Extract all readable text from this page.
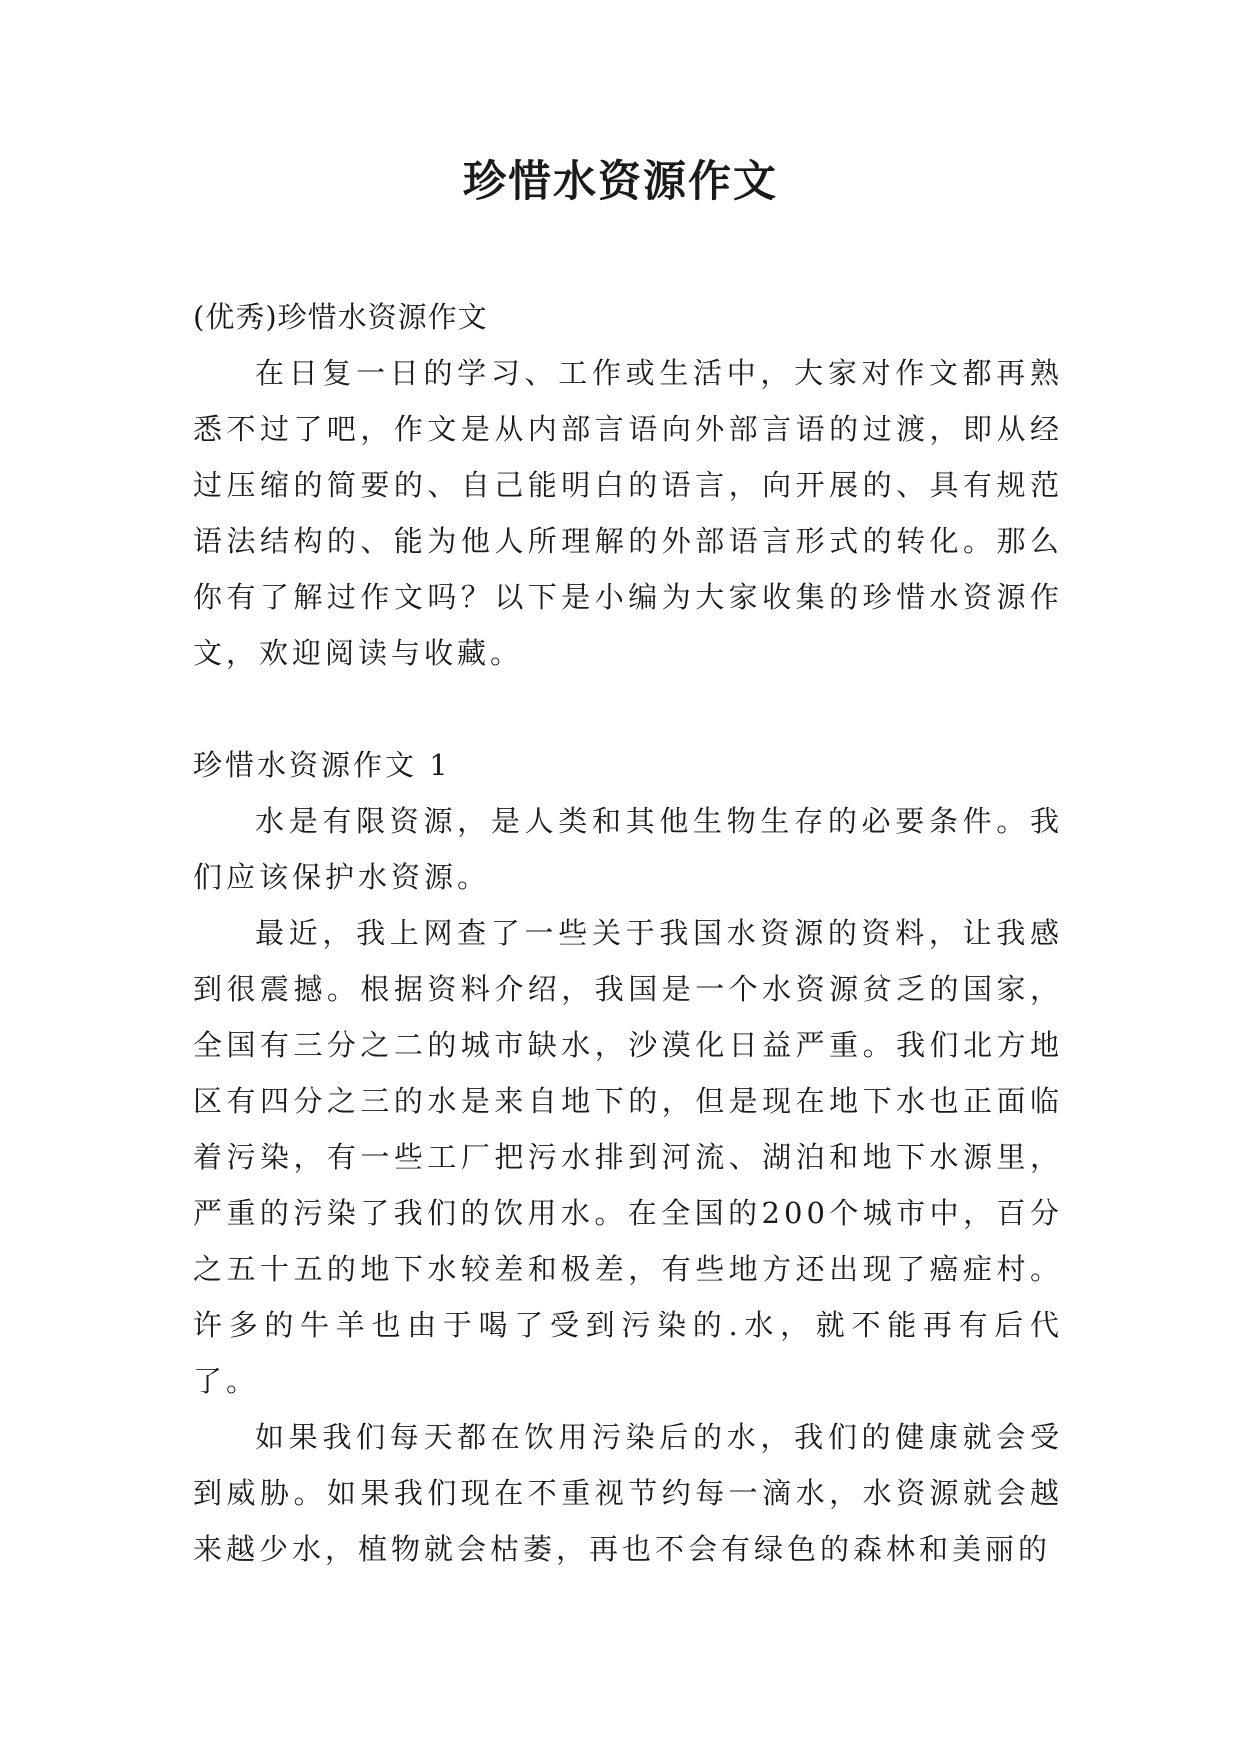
珍惜水资源作文

(优秀)珍惜水资源作文

在日复一日的学习、工作或生活中，大家对作文都再熟悉不过了吧，作文是从内部言语向外部言语的过渡，即从经过压缩的简要的、自己能明白的语言，向开展的、具有规范语法结构的、能为他人所理解的外部语言形式的转化。那么你有了解过作文吗？以下是小编为大家收集的珍惜水资源作文，欢迎阅读与收藏。

珍惜水资源作文 1

水是有限资源，是人类和其他生物生存的必要条件。我们应该保护水资源。

最近，我上网查了一些关于我国水资源的资料，让我感到很震撼。根据资料介绍，我国是一个水资源贫乏的国家，全国有三分之二的城市缺水，沙漠化日益严重。我们北方地区有四分之三的水是来自地下的，但是现在地下水也正面临着污染，有一些工厂把污水排到河流、湖泊和地下水源里，严重的污染了我们的饮用水。在全国的200个城市中，百分之五十五的地下水较差和极差，有些地方还出现了癌症村。许多的牛羊也由于喝了受到污染的.水，就不能再有后代了。

如果我们每天都在饮用污染后的水，我们的健康就会受到威胁。如果我们现在不重视节约每一滴水，水资源就会越来越少水，植物就会枯萎，再也不会有绿色的森林和美丽的
